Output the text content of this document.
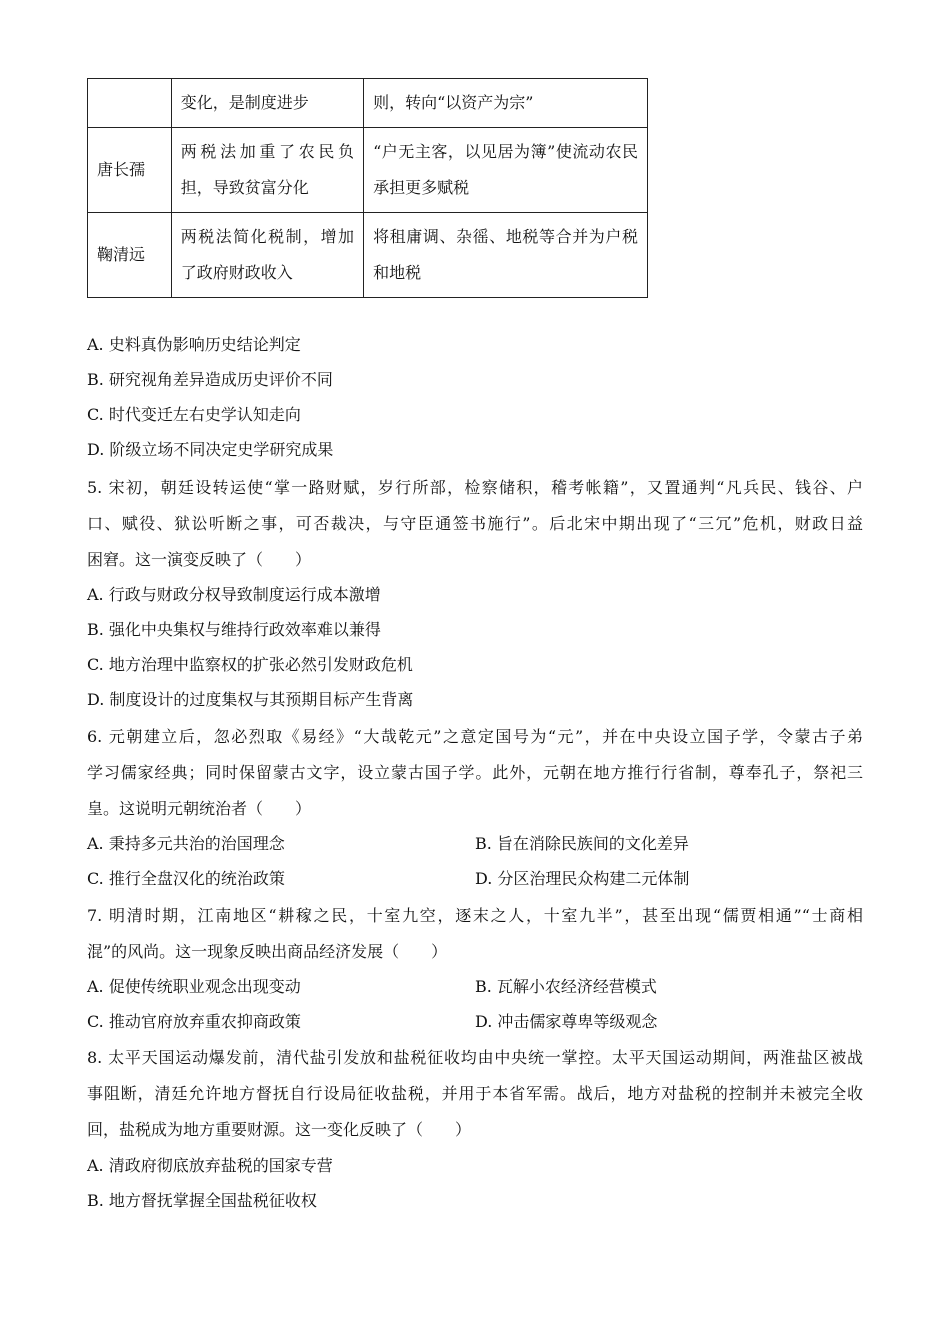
	变化，是制度进步	则，转向“以资产为宗”
唐长孺	两税法加重了农民负担，导致贫富分化	“户无主客，以见居为簿”使流动农民承担更多赋税
鞠清远	两税法简化税制，增加了政府财政收入	将租庸调、杂徭、地税等合并为户税和地税
A. 史料真伪影响历史结论判定
B. 研究视角差异造成历史评价不同
C. 时代变迁左右史学认知走向
D. 阶级立场不同决定史学研究成果
5. 宋初，朝廷设转运使“掌一路财赋，岁行所部，检察储积，稽考帐籍”，又置通判“凡兵民、钱谷、户
口、赋役、狱讼听断之事，可否裁决，与守臣通签书施行”。后北宋中期出现了“三冗”危机，财政日益
困窘。这一演变反映了（　　）
A. 行政与财政分权导致制度运行成本激增
B. 强化中央集权与维持行政效率难以兼得
C. 地方治理中监察权的扩张必然引发财政危机
D. 制度设计的过度集权与其预期目标产生背离
6. 元朝建立后，忽必烈取《易经》“大哉乾元”之意定国号为“元”，并在中央设立国子学，令蒙古子弟
学习儒家经典；同时保留蒙古文字，设立蒙古国子学。此外，元朝在地方推行行省制，尊奉孔子，祭祀三
皇。这说明元朝统治者（　　）
A. 秉持多元共治的治国理念	B. 旨在消除民族间的文化差异
C. 推行全盘汉化的统治政策	D. 分区治理民众构建二元体制
7. 明清时期，江南地区“耕稼之民，十室九空，逐末之人，十室九半”，甚至出现“儒贾相通”“士商相
混”的风尚。这一现象反映出商品经济发展（　　）
A. 促使传统职业观念出现变动	B. 瓦解小农经济经营模式
C. 推动官府放弃重农抑商政策	D. 冲击儒家尊卑等级观念
8. 太平天国运动爆发前，清代盐引发放和盐税征收均由中央统一掌控。太平天国运动期间，两淮盐区被战
事阻断，清廷允许地方督抚自行设局征收盐税，并用于本省军需。战后，地方对盐税的控制并未被完全收
回，盐税成为地方重要财源。这一变化反映了（　　）
A. 清政府彻底放弃盐税的国家专营
B. 地方督抚掌握全国盐税征收权
